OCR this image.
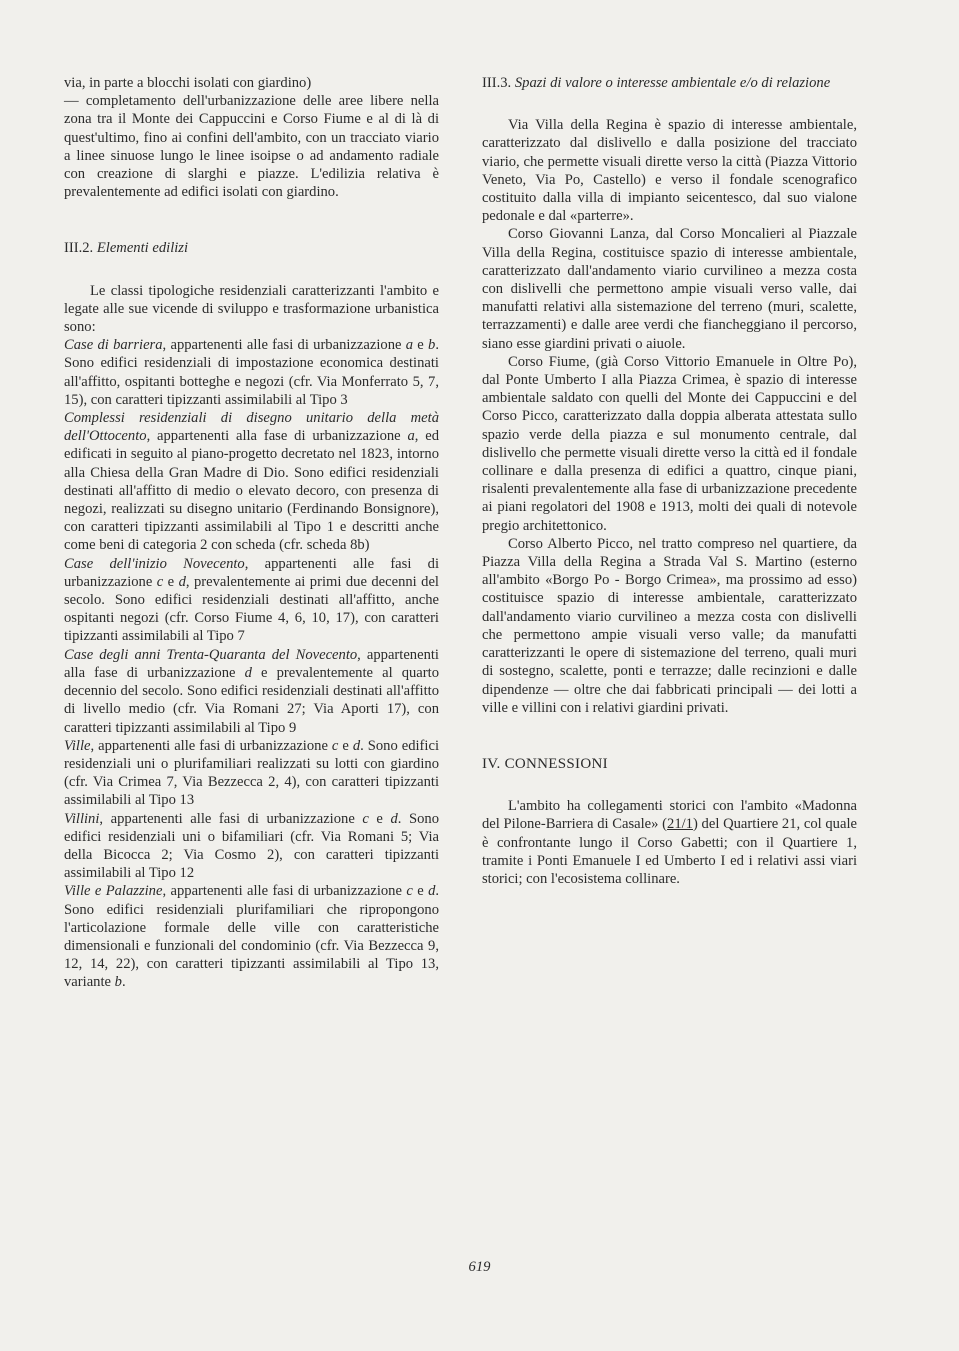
via, in parte a blocchi isolati con giardino)

— completamento dell'urbanizzazione delle aree libere nella zona tra il Monte dei Cappuccini e Corso Fiume e al di là di quest'ultimo, fino ai confini dell'ambito, con un tracciato viario a linee sinuose lungo le linee isoipse o ad andamento radiale con creazione di slarghi e piazze. L'edilizia relativa è prevalentemente ad edifici isolati con giardino.

III.2. Elementi edilizi

Le classi tipologiche residenziali caratterizzanti l'ambito e legate alle sue vicende di sviluppo e trasformazione urbanistica sono:

Case di barriera, appartenenti alle fasi di urbanizzazione a e b. Sono edifici residenziali di impostazione economica destinati all'affitto, ospitanti botteghe e negozi (cfr. Via Monferrato 5, 7, 15), con caratteri tipizzanti assimilabili al Tipo 3

Complessi residenziali di disegno unitario della metà dell'Ottocento, appartenenti alla fase di urbanizzazione a, ed edificati in seguito al piano-progetto decretato nel 1823, intorno alla Chiesa della Gran Madre di Dio. Sono edifici residenziali destinati all'affitto di medio o elevato decoro, con presenza di negozi, realizzati su disegno unitario (Ferdinando Bonsignore), con caratteri tipizzanti assimilabili al Tipo 1 e descritti anche come beni di categoria 2 con scheda (cfr. scheda 8b)

Case dell'inizio Novecento, appartenenti alle fasi di urbanizzazione c e d, prevalentemente ai primi due decenni del secolo. Sono edifici residenziali destinati all'affitto, anche ospitanti negozi (cfr. Corso Fiume 4, 6, 10, 17), con caratteri tipizzanti assimilabili al Tipo 7

Case degli anni Trenta-Quaranta del Novecento, appartenenti alla fase di urbanizzazione d e prevalentemente al quarto decennio del secolo. Sono edifici residenziali destinati all'affitto di livello medio (cfr. Via Romani 27; Via Aporti 17), con caratteri tipizzanti assimilabili al Tipo 9

Ville, appartenenti alle fasi di urbanizzazione c e d. Sono edifici residenziali uni o plurifamiliari realizzati su lotti con giardino (cfr. Via Crimea 7, Via Bezzecca 2, 4), con caratteri tipizzanti assimilabili al Tipo 13

Villini, appartenenti alle fasi di urbanizzazione c e d. Sono edifici residenziali uni o bifamiliari (cfr. Via Romani 5; Via della Bicocca 2; Via Cosmo 2), con caratteri tipizzanti assimilabili al Tipo 12

Ville e Palazzine, appartenenti alle fasi di urbanizzazione c e d. Sono edifici residenziali plurifamiliari che ripropongono l'articolazione formale delle ville con caratteristiche dimensionali e funzionali del condominio (cfr. Via Bezzecca 9, 12, 14, 22), con caratteri tipizzanti assimilabili al Tipo 13, variante b.

III.3. Spazi di valore o interesse ambientale e/o di relazione

Via Villa della Regina è spazio di interesse ambientale, caratterizzato dal dislivello e dalla posizione del tracciato viario, che permette visuali dirette verso la città (Piazza Vittorio Veneto, Via Po, Castello) e verso il fondale scenografico costituito dalla villa di impianto seicentesco, dal suo vialone pedonale e dal «parterre».

Corso Giovanni Lanza, dal Corso Moncalieri al Piazzale Villa della Regina, costituisce spazio di interesse ambientale, caratterizzato dall'andamento viario curvilineo a mezza costa con dislivelli che permettono ampie visuali verso valle, dai manufatti relativi alla sistemazione del terreno (muri, scalette, terrazzamenti) e dalle aree verdi che fiancheggiano il percorso, siano esse giardini privati o aiuole.

Corso Fiume, (già Corso Vittorio Emanuele in Oltre Po), dal Ponte Umberto I alla Piazza Crimea, è spazio di interesse ambientale saldato con quelli del Monte dei Cappuccini e del Corso Picco, caratterizzato dalla doppia alberata attestata sullo spazio verde della piazza e sul monumento centrale, dal dislivello che permette visuali dirette verso la città ed il fondale collinare e dalla presenza di edifici a quattro, cinque piani, risalenti prevalentemente alla fase di urbanizzazione precedente ai piani regolatori del 1908 e 1913, molti dei quali di notevole pregio architettonico.

Corso Alberto Picco, nel tratto compreso nel quartiere, da Piazza Villa della Regina a Strada Val S. Martino (esterno all'ambito «Borgo Po - Borgo Crimea», ma prossimo ad esso) costituisce spazio di interesse ambientale, caratterizzato dall'andamento viario curvilineo a mezza costa con dislivelli che permettono ampie visuali verso valle; da manufatti caratterizzanti le opere di sistemazione del terreno, quali muri di sostegno, scalette, ponti e terrazze; dalle recinzioni e dalle dipendenze — oltre che dai fabbricati principali — dei lotti a ville e villini con i relativi giardini privati.

IV. CONNESSIONI

L'ambito ha collegamenti storici con l'ambito «Madonna del Pilone-Barriera di Casale» (21/1) del Quartiere 21, col quale è confrontante lungo il Corso Gabetti; con il Quartiere 1, tramite i Ponti Emanuele I ed Umberto I ed i relativi assi viari storici; con l'ecosistema collinare.

619
